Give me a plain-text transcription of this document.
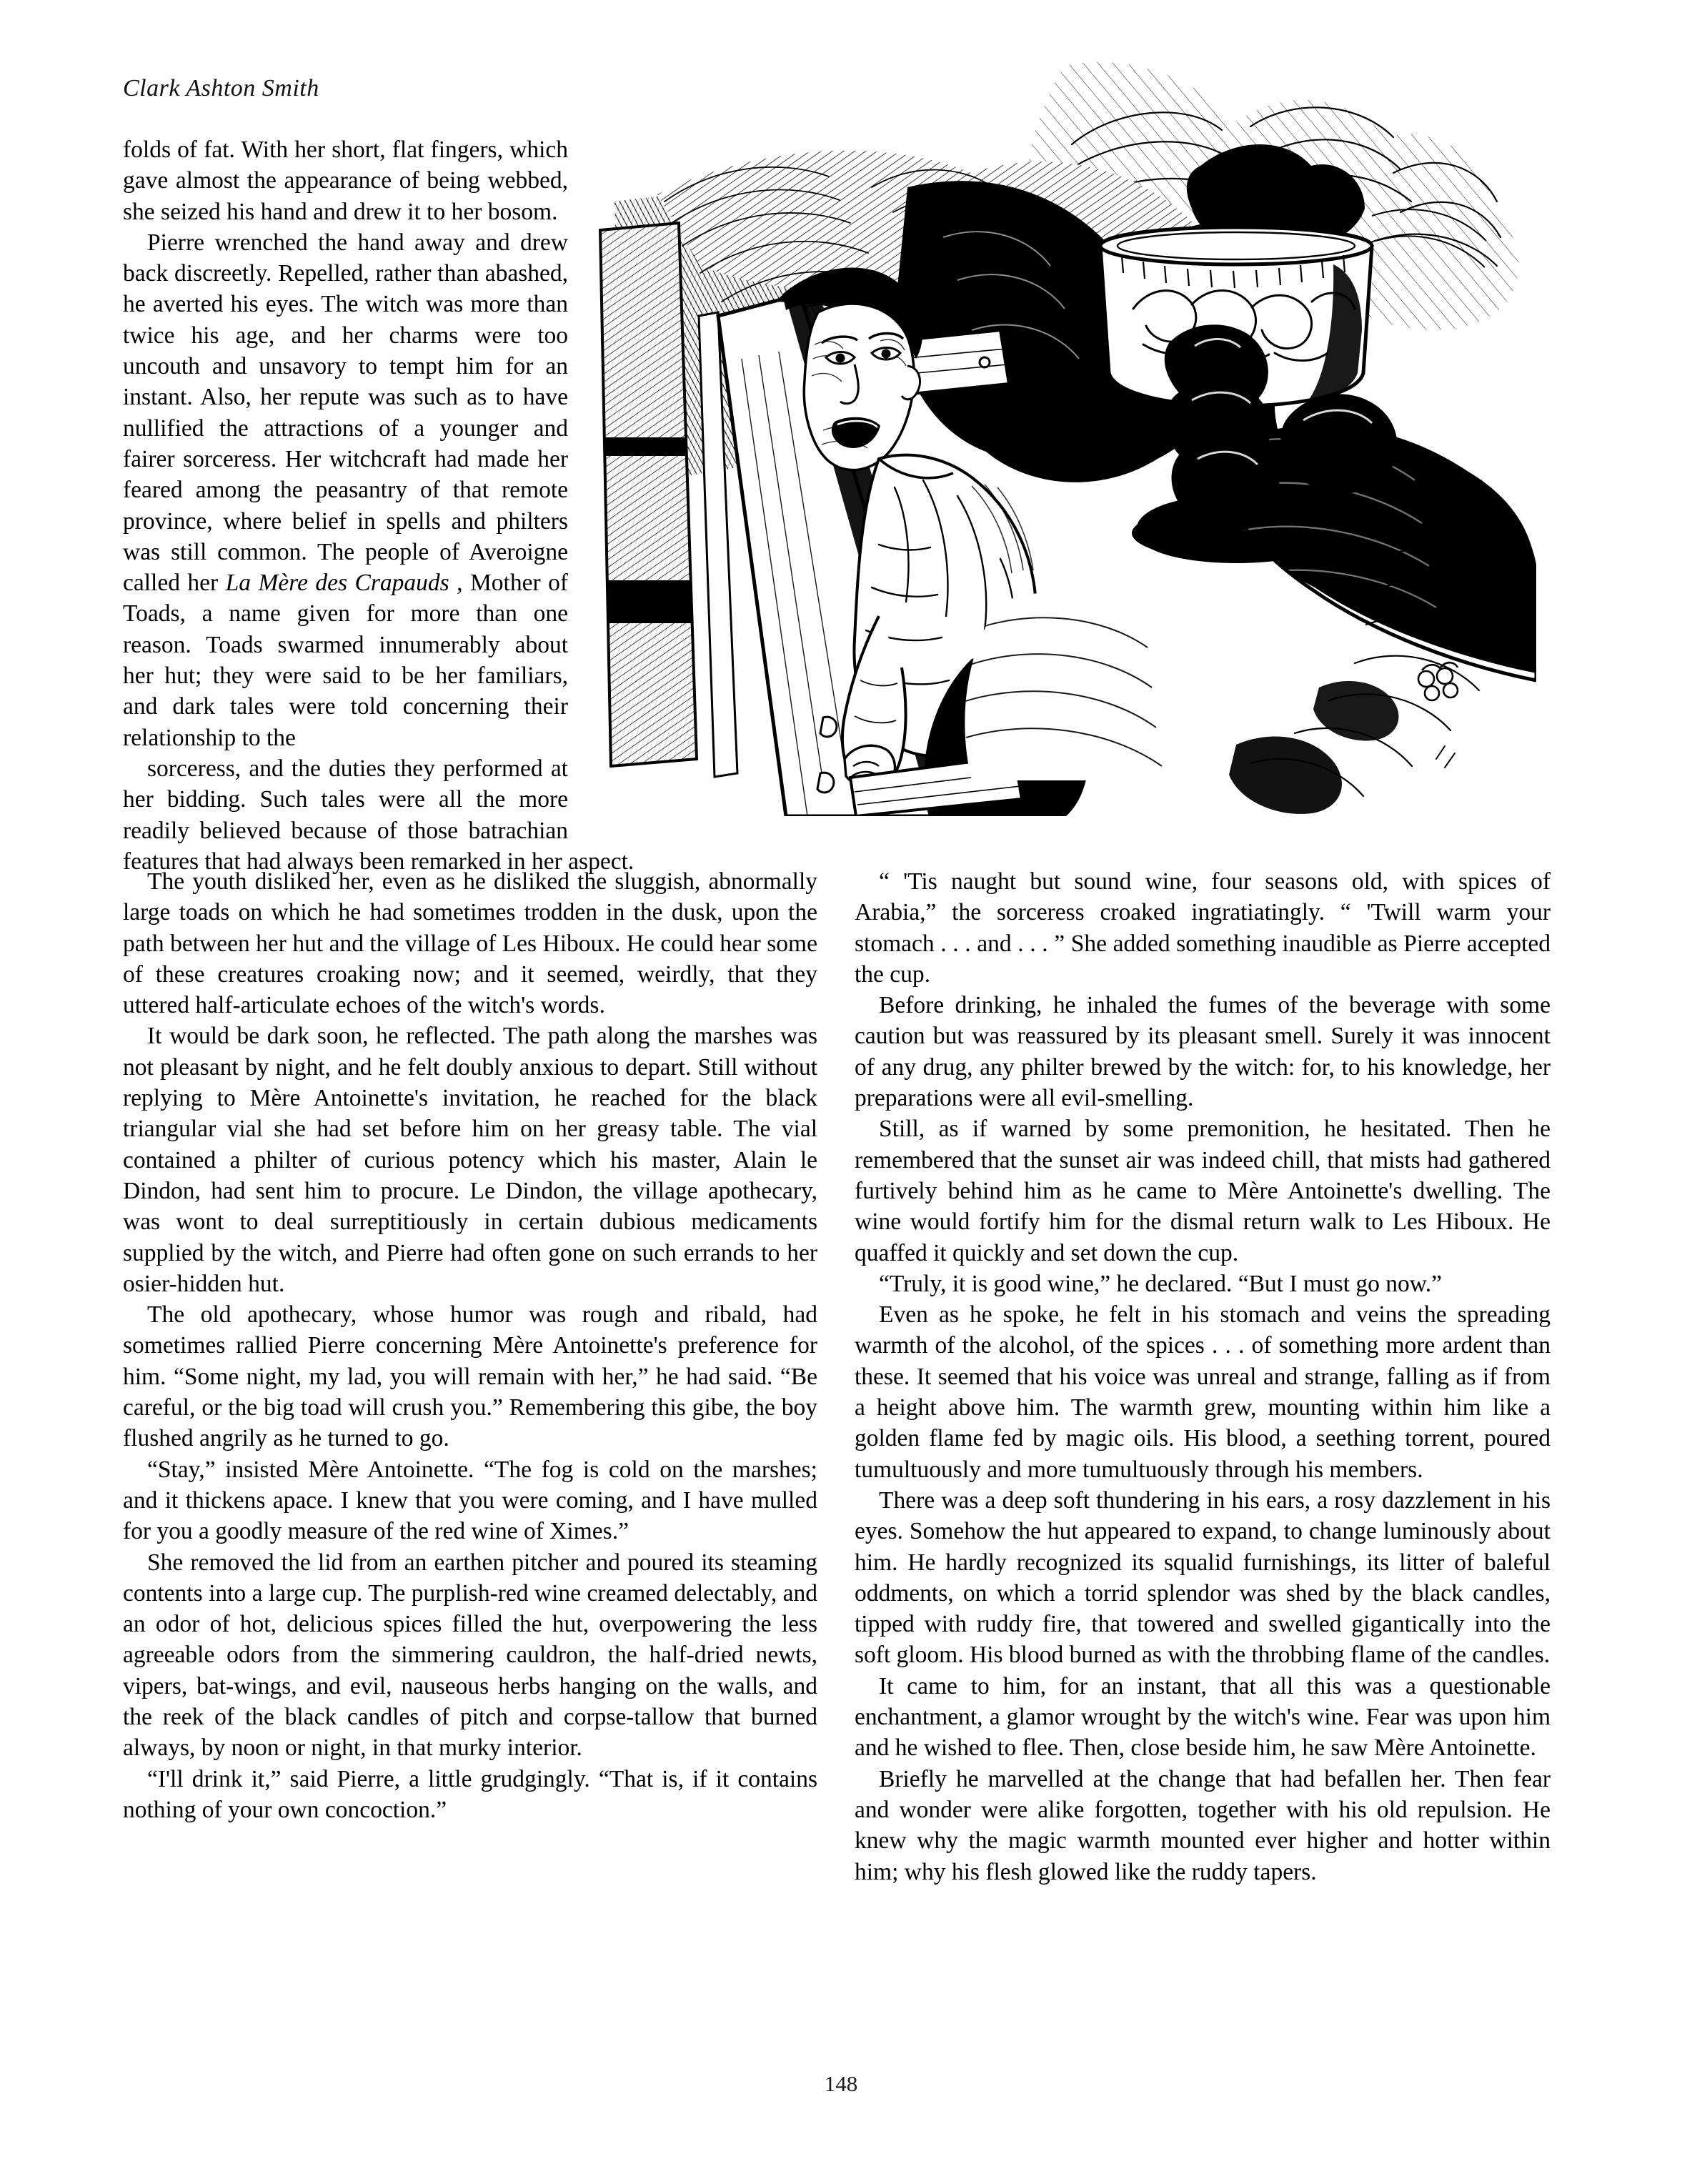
Clark Ashton Smith

folds of fat. With her short, flat fingers, which gave almost the appearance of being webbed, she seized his hand and drew it to her bosom.

Pierre wrenched the hand away and drew back discreetly. Repelled, rather than abashed, he averted his eyes. The witch was more than twice his age, and her charms were too uncouth and unsavory to tempt him for an instant. Also, her repute was such as to have nullified the attractions of a younger and fairer sorceress. Her witchcraft had made her feared among the peasantry of that remote province, where belief in spells and philters was still common. The people of Averoigne called her La Mère des Crapauds , Mother of Toads, a name given for more than one reason. Toads swarmed innumerably about her hut; they were said to be her familiars, and dark tales were told concerning their relationship to the

sorceress, and the duties they performed at her bidding. Such tales were all the more readily believed because of those batrachian features that had always been remarked in her aspect.

The youth disliked her, even as he disliked the sluggish, abnormally large toads on which he had sometimes trodden in the dusk, upon the path between her hut and the village of Les Hiboux. He could hear some of these creatures croaking now; and it seemed, weirdly, that they uttered half-articulate echoes of the witch's words.

It would be dark soon, he reflected. The path along the marshes was not pleasant by night, and he felt doubly anxious to depart. Still without replying to Mère Antoinette's invitation, he reached for the black triangular vial she had set before him on her greasy table. The vial contained a philter of curious potency which his master, Alain le Dindon, had sent him to procure. Le Dindon, the village apothecary, was wont to deal surreptitiously in certain dubious medicaments supplied by the witch, and Pierre had often gone on such errands to her osier-hidden hut.

The old apothecary, whose humor was rough and ribald, had sometimes rallied Pierre concerning Mère Antoinette's preference for him. “Some night, my lad, you will remain with her,” he had said. “Be careful, or the big toad will crush you.” Remembering this gibe, the boy flushed angrily as he turned to go.

“Stay,” insisted Mère Antoinette. “The fog is cold on the marshes; and it thickens apace. I knew that you were coming, and I have mulled for you a goodly measure of the red wine of Ximes.”

She removed the lid from an earthen pitcher and poured its steaming contents into a large cup. The purplish-red wine creamed delectably, and an odor of hot, delicious spices filled the hut, overpowering the less agreeable odors from the simmering cauldron, the half-dried newts, vipers, bat-wings, and evil, nauseous herbs hanging on the walls, and the reek of the black candles of pitch and corpse-tallow that burned always, by noon or night, in that murky interior.

“I'll drink it,” said Pierre, a little grudgingly. “That is, if it contains nothing of your own concoction.”

“ 'Tis naught but sound wine, four seasons old, with spices of Arabia,” the sorceress croaked ingratiatingly. “ 'Twill warm your stomach . . . and . . . ” She added something inaudible as Pierre accepted the cup.

Before drinking, he inhaled the fumes of the beverage with some caution but was reassured by its pleasant smell. Surely it was innocent of any drug, any philter brewed by the witch: for, to his knowledge, her preparations were all evil-smelling.

Still, as if warned by some premonition, he hesitated. Then he remembered that the sunset air was indeed chill, that mists had gathered furtively behind him as he came to Mère Antoinette's dwelling. The wine would fortify him for the dismal return walk to Les Hiboux. He quaffed it quickly and set down the cup.

“Truly, it is good wine,” he declared. “But I must go now.”

Even as he spoke, he felt in his stomach and veins the spreading warmth of the alcohol, of the spices . . . of something more ardent than these. It seemed that his voice was unreal and strange, falling as if from a height above him. The warmth grew, mounting within him like a golden flame fed by magic oils. His blood, a seething torrent, poured tumultuously and more tumultuously through his members.

There was a deep soft thundering in his ears, a rosy dazzlement in his eyes. Somehow the hut appeared to expand, to change luminously about him. He hardly recognized its squalid furnishings, its litter of baleful oddments, on which a torrid splendor was shed by the black candles, tipped with ruddy fire, that towered and swelled gigantically into the soft gloom. His blood burned as with the throbbing flame of the candles.

It came to him, for an instant, that all this was a questionable enchantment, a glamor wrought by the witch's wine. Fear was upon him and he wished to flee. Then, close beside him, he saw Mère Antoinette.

Briefly he marvelled at the change that had befallen her. Then fear and wonder were alike forgotten, together with his old repulsion. He knew why the magic warmth mounted ever higher and hotter within him; why his flesh glowed like the ruddy tapers.

148
